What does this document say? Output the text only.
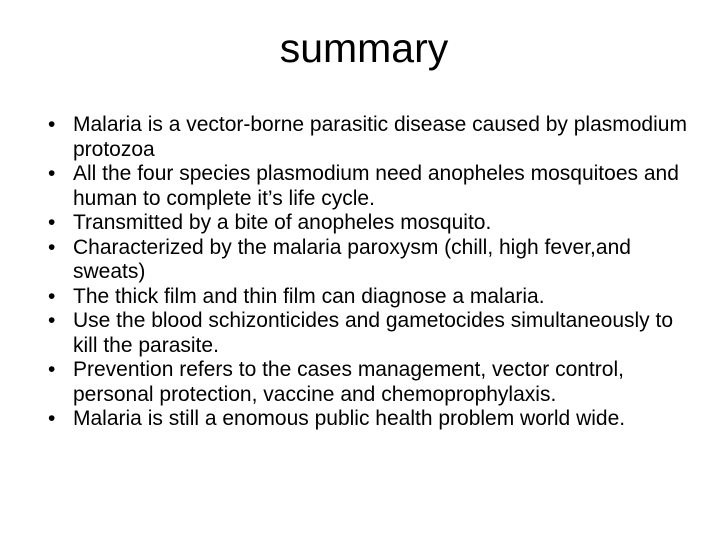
summary
• Malaria is a vector-borne parasitic disease caused by plasmodium protozoa
• All the four species plasmodium need anopheles mosquitoes and human to complete it’s life cycle.
• Transmitted by a bite of anopheles mosquito.
• Characterized by the malaria paroxysm (chill, high fever,and sweats)
• The thick film and thin film can diagnose a malaria.
• Use the blood schizonticides and gametocides simultaneously to kill the parasite.
• Prevention refers to the cases management, vector control, personal protection, vaccine and chemoprophylaxis.
• Malaria is still a enomous public health problem world wide.
